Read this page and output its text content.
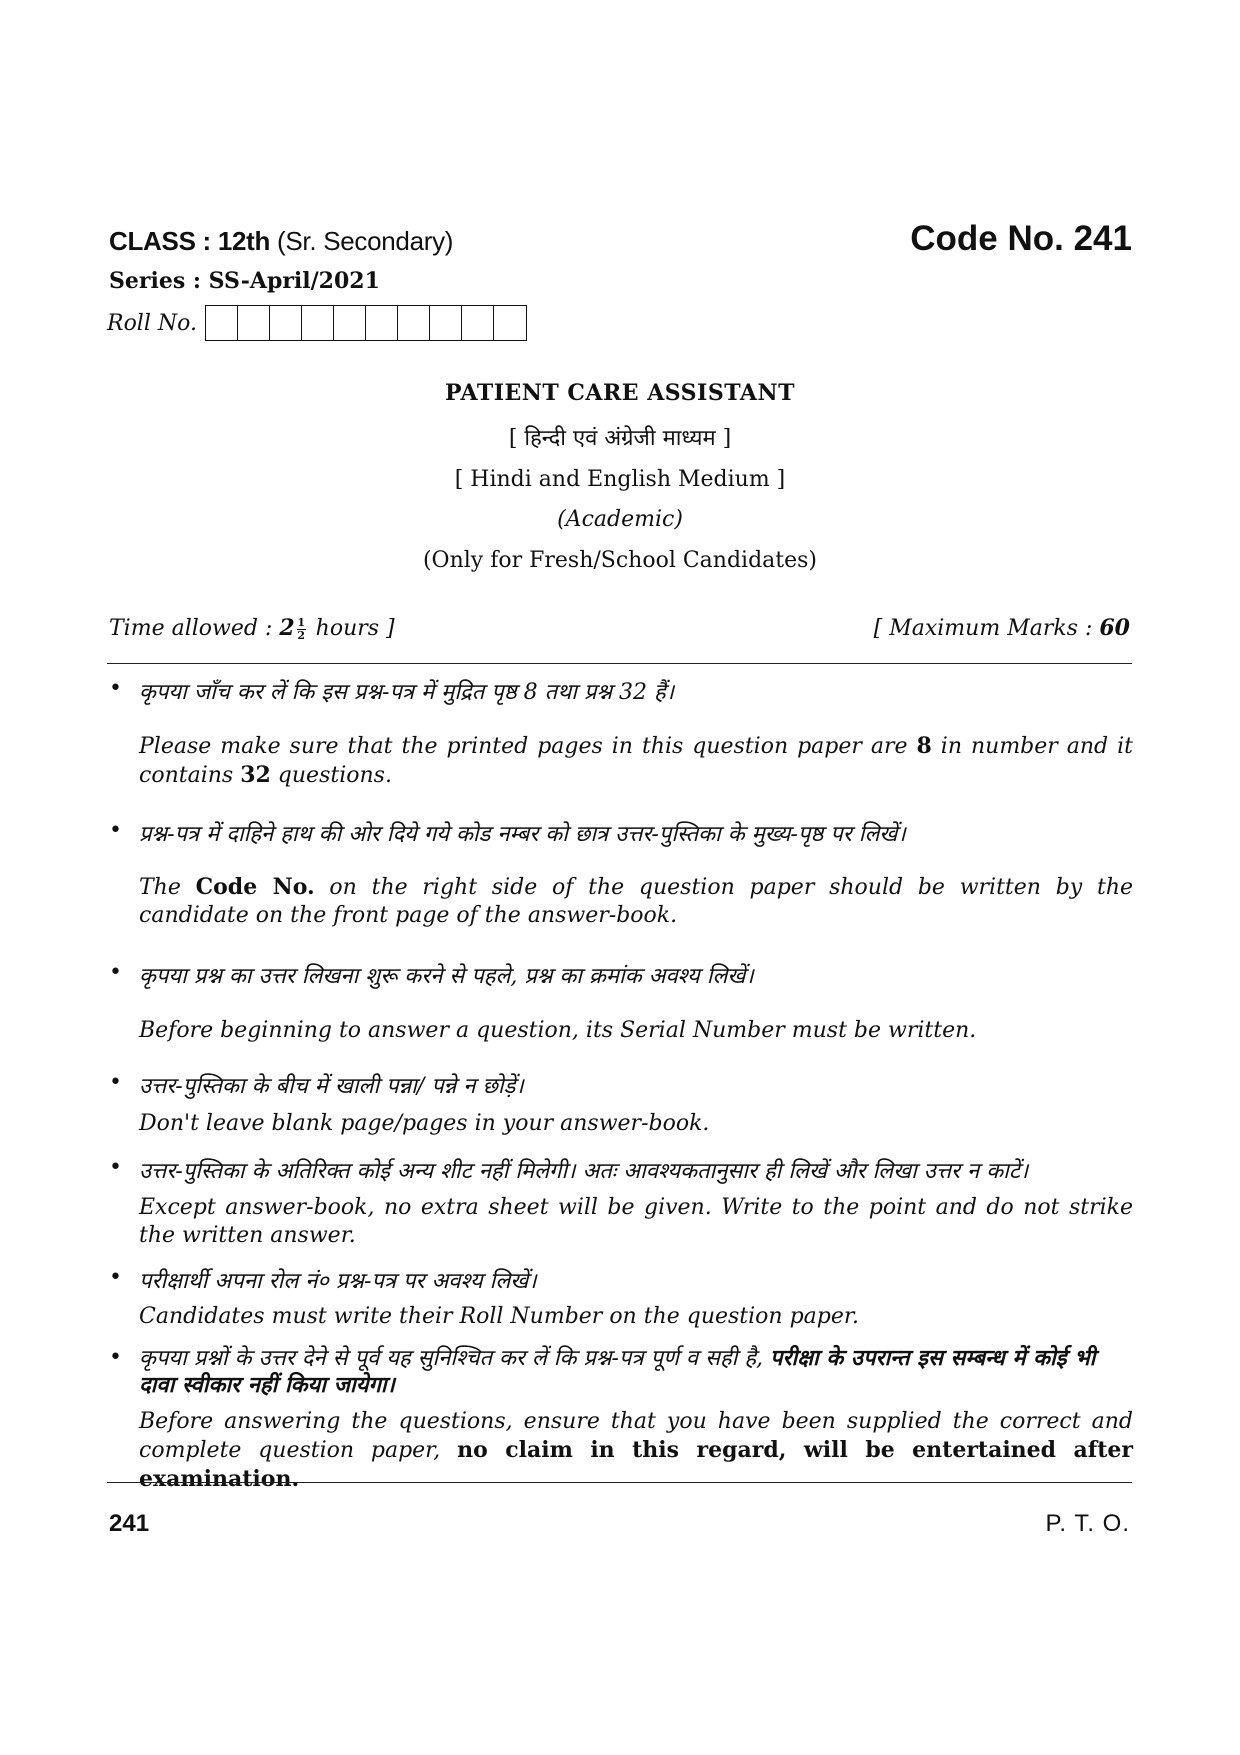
CLASS : 12th (Sr. Secondary)	Code No. 241
Series : SS-April/2021
Roll No.
PATIENT CARE ASSISTANT
[ हिन्दी एवं अंग्रेजी माध्यम ]
[ Hindi and English Medium ]
(Academic)
(Only for Fresh/School Candidates)
Time allowed : $2 \frac{1}{2}$ hours ]	[ Maximum Marks : 60
• कृपया जाँच कर लें कि इस प्रश्न-पत्र में मुद्रित पृष्ठ 8 तथा प्रश्न 32 हैं।
Please make sure that the printed pages in this question paper are 8 in number and it contains 32 questions.
• प्रश्न-पत्र में दाहिने हाथ की ओर दिये गये कोड नम्बर को छात्र उत्तर-पुस्तिका के मुख्य-पृष्ठ पर लिखें।
The Code No. on the right side of the question paper should be written by the candidate on the front page of the answer-book.
• कृपया प्रश्न का उत्तर लिखना शुरू करने से पहले, प्रश्न का क्रमांक अवश्य लिखें।
Before beginning to answer a question, its Serial Number must be written.
• उत्तर-पुस्तिका के बीच में खाली पन्ना/ पन्ने न छोड़ें।
Don't leave blank page/pages in your answer-book.
• उत्तर-पुस्तिका के अतिरिक्त कोई अन्य शीट नहीं मिलेगी। अतः आवश्यकतानुसार ही लिखें और लिखा उत्तर न काटें।
Except answer-book, no extra sheet will be given. Write to the point and do not strike the written answer.
• परीक्षार्थी अपना रोल नं० प्रश्न-पत्र पर अवश्य लिखें।
Candidates must write their Roll Number on the question paper.
• कृपया प्रश्नों के उत्तर देने से पूर्व यह सुनिश्चित कर लें कि प्रश्न-पत्र पूर्ण व सही है, परीक्षा के उपरान्त इस सम्बन्ध में कोई भी दावा स्वीकार नहीं किया जायेगा।
Before answering the questions, ensure that you have been supplied the correct and complete question paper, no claim in this regard, will be entertained after examination.
241	P. T. O.
